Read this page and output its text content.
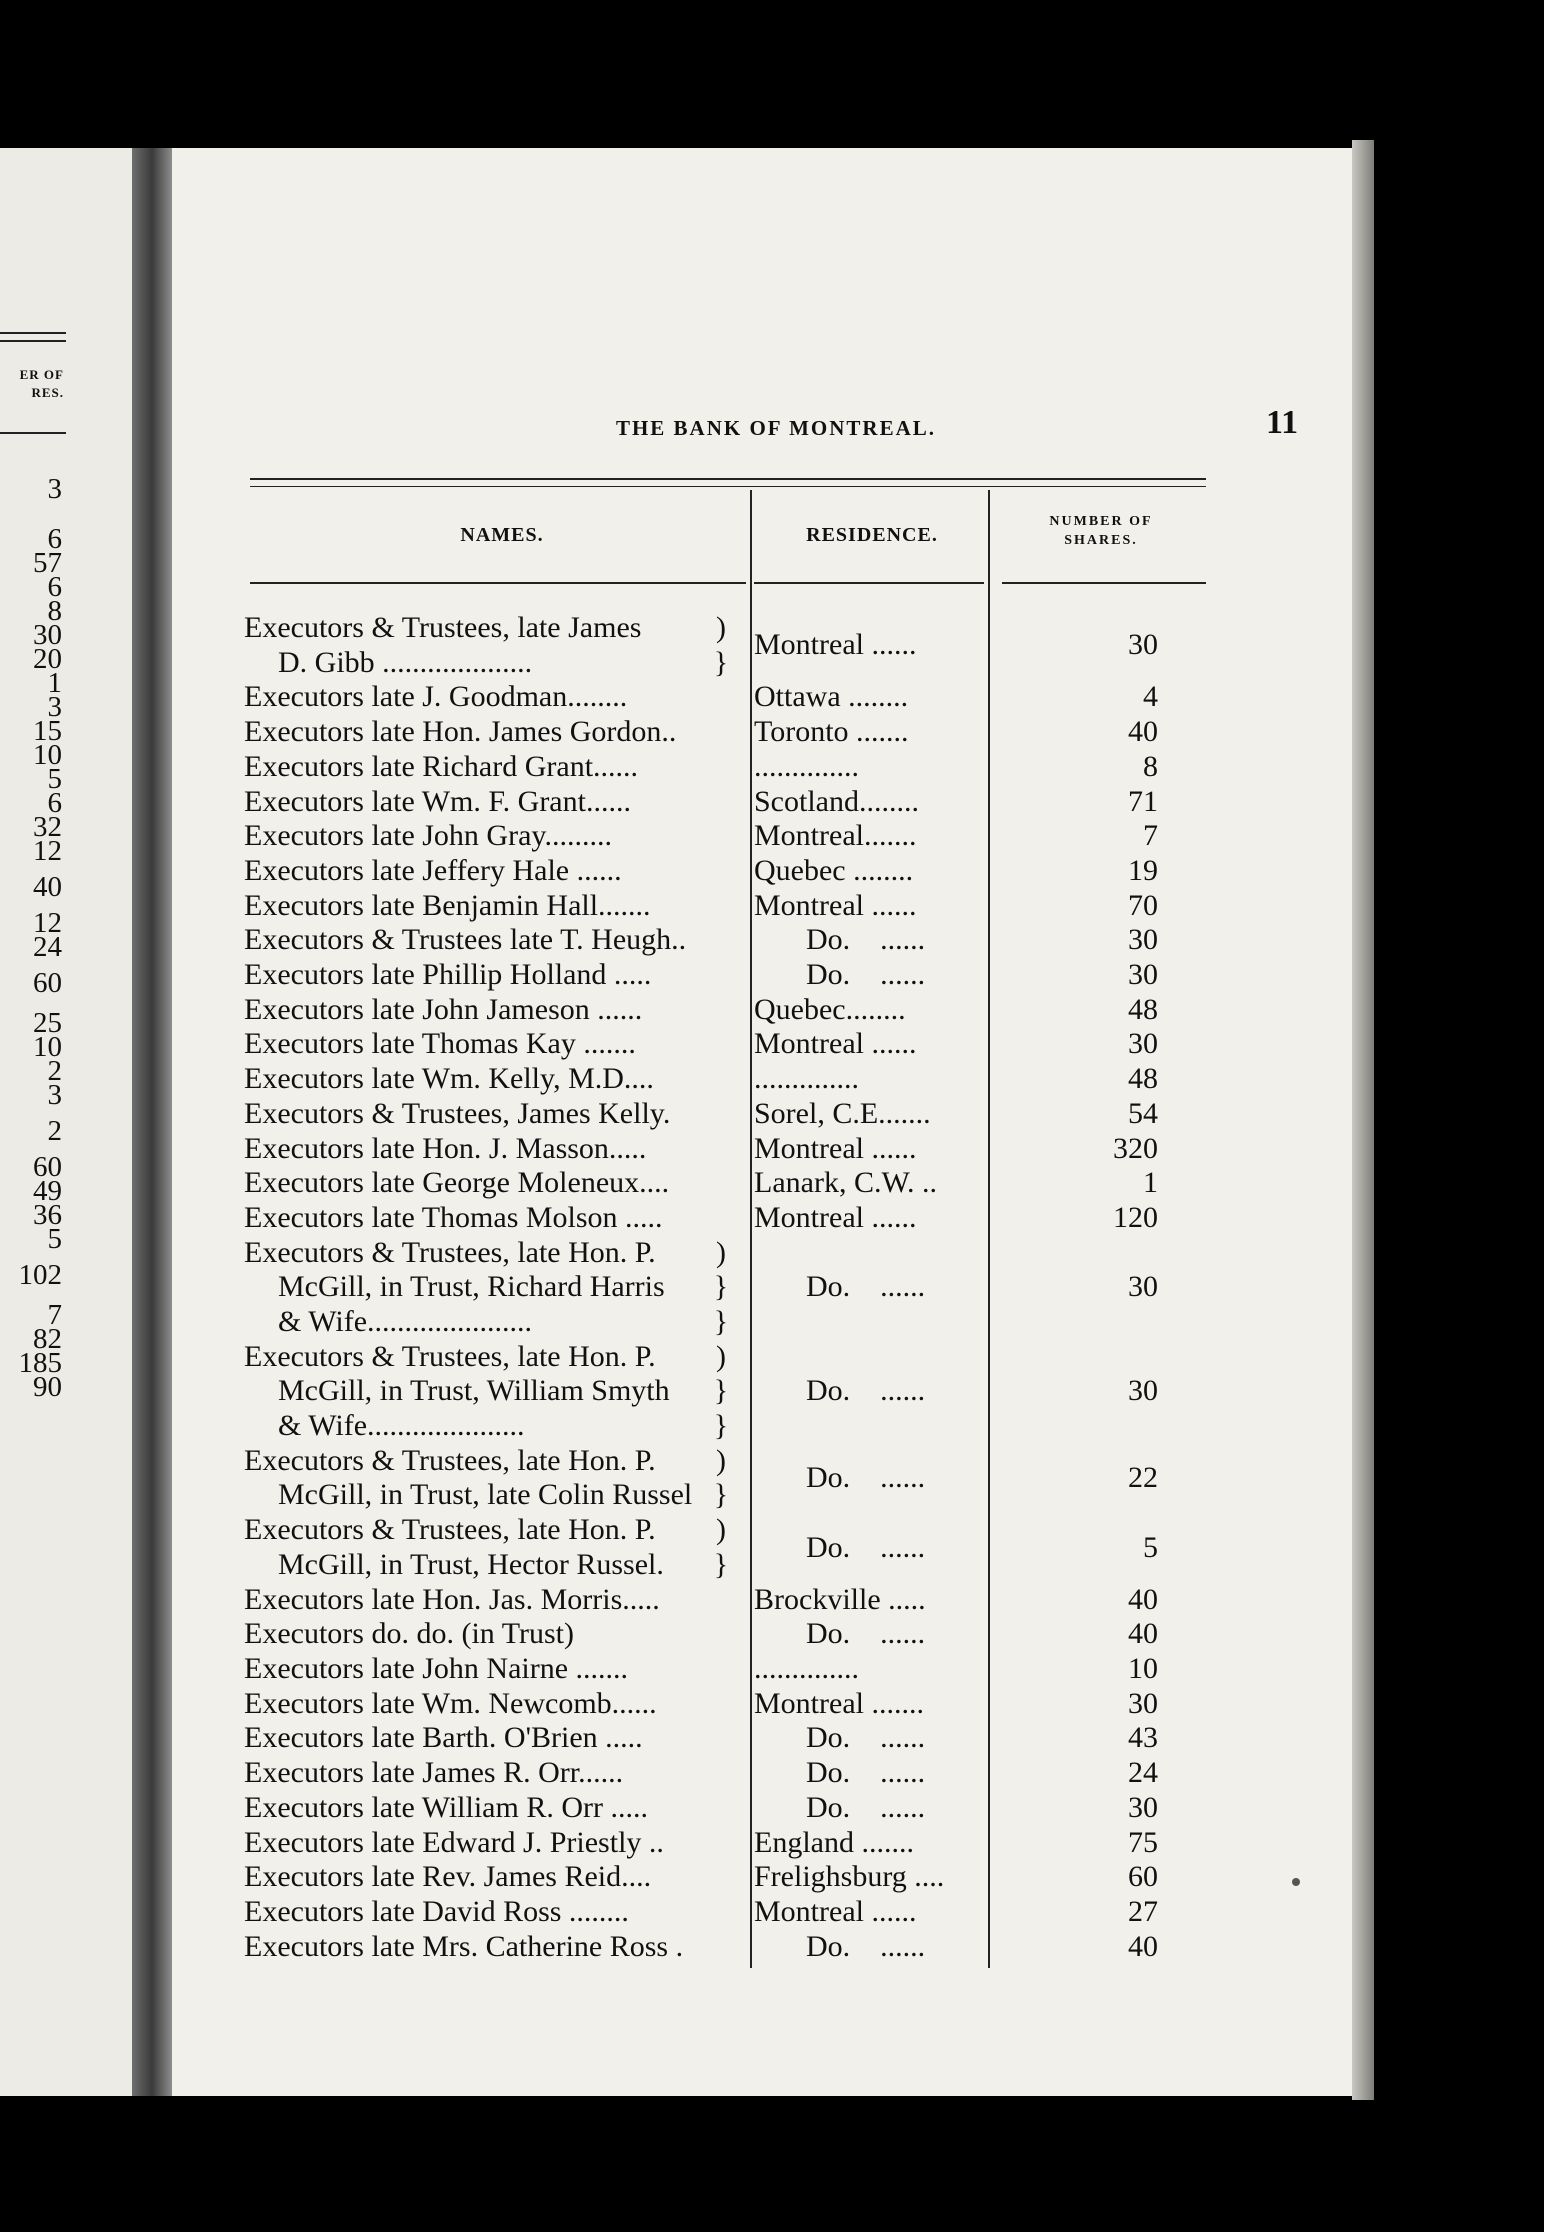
ER OF
RES.
3
6
57
6
8
30
20
1
3
15
10
5
6
32
12
40
12
24
60
25
10
2
3
2
60
49
36
5
102
7
82
185
90
THE BANK OF MONTREAL.	11
NAMES.	RESIDENCE.
NUMBER OF
SHARES.
Executors & Trustees, late James
D. Gibb ....................
)
}
Montreal ......	30
Executors late J. Goodman........	Ottawa ........	4
Executors late Hon. James Gordon..	Toronto .......	40
Executors late Richard Grant......	..............	8
Executors late Wm. F. Grant......	Scotland........	71
Executors late John Gray.........	Montreal.......	7
Executors late Jeffery Hale ......	Quebec ........	19
Executors late Benjamin Hall.......	Montreal ......	70
Executors & Trustees late T. Heugh..	Do. ......	30
Executors late Phillip Holland .....	Do. ......	30
Executors late John Jameson ......	Quebec........	48
Executors late Thomas Kay .......	Montreal ......	30
Executors late Wm. Kelly, M.D....	..............	48
Executors & Trustees, James Kelly.	Sorel, C.E.......	54
Executors late Hon. J. Masson.....	Montreal ......	320
Executors late George Moleneux....	Lanark, C.W. ..	1
Executors late Thomas Molson .....	Montreal ......	120
Executors & Trustees, late Hon. P.
McGill, in Trust, Richard Harris
& Wife......................
)
}
}
Do. ......	30
Executors & Trustees, late Hon. P.
McGill, in Trust, William Smyth
& Wife.....................
)
}
}
Do. ......	30
Executors & Trustees, late Hon. P.
McGill, in Trust, late Colin Russel
)
}
Do. ......	22
Executors & Trustees, late Hon. P.
McGill, in Trust, Hector Russel.
)
}
Do. ......	5
Executors late Hon. Jas. Morris.....	Brockville .....	40
Executors do. do. (in Trust)	Do. ......	40
Executors late John Nairne .......	..............	10
Executors late Wm. Newcomb......	Montreal .......	30
Executors late Barth. O'Brien .....	Do. ......	43
Executors late James R. Orr......	Do. ......	24
Executors late William R. Orr .....	Do. ......	30
Executors late Edward J. Priestly ..	England .......	75
Executors late Rev. James Reid....	Frelighsburg ....	60
Executors late David Ross ........	Montreal ......	27
Executors late Mrs. Catherine Ross .	Do. ......	40
